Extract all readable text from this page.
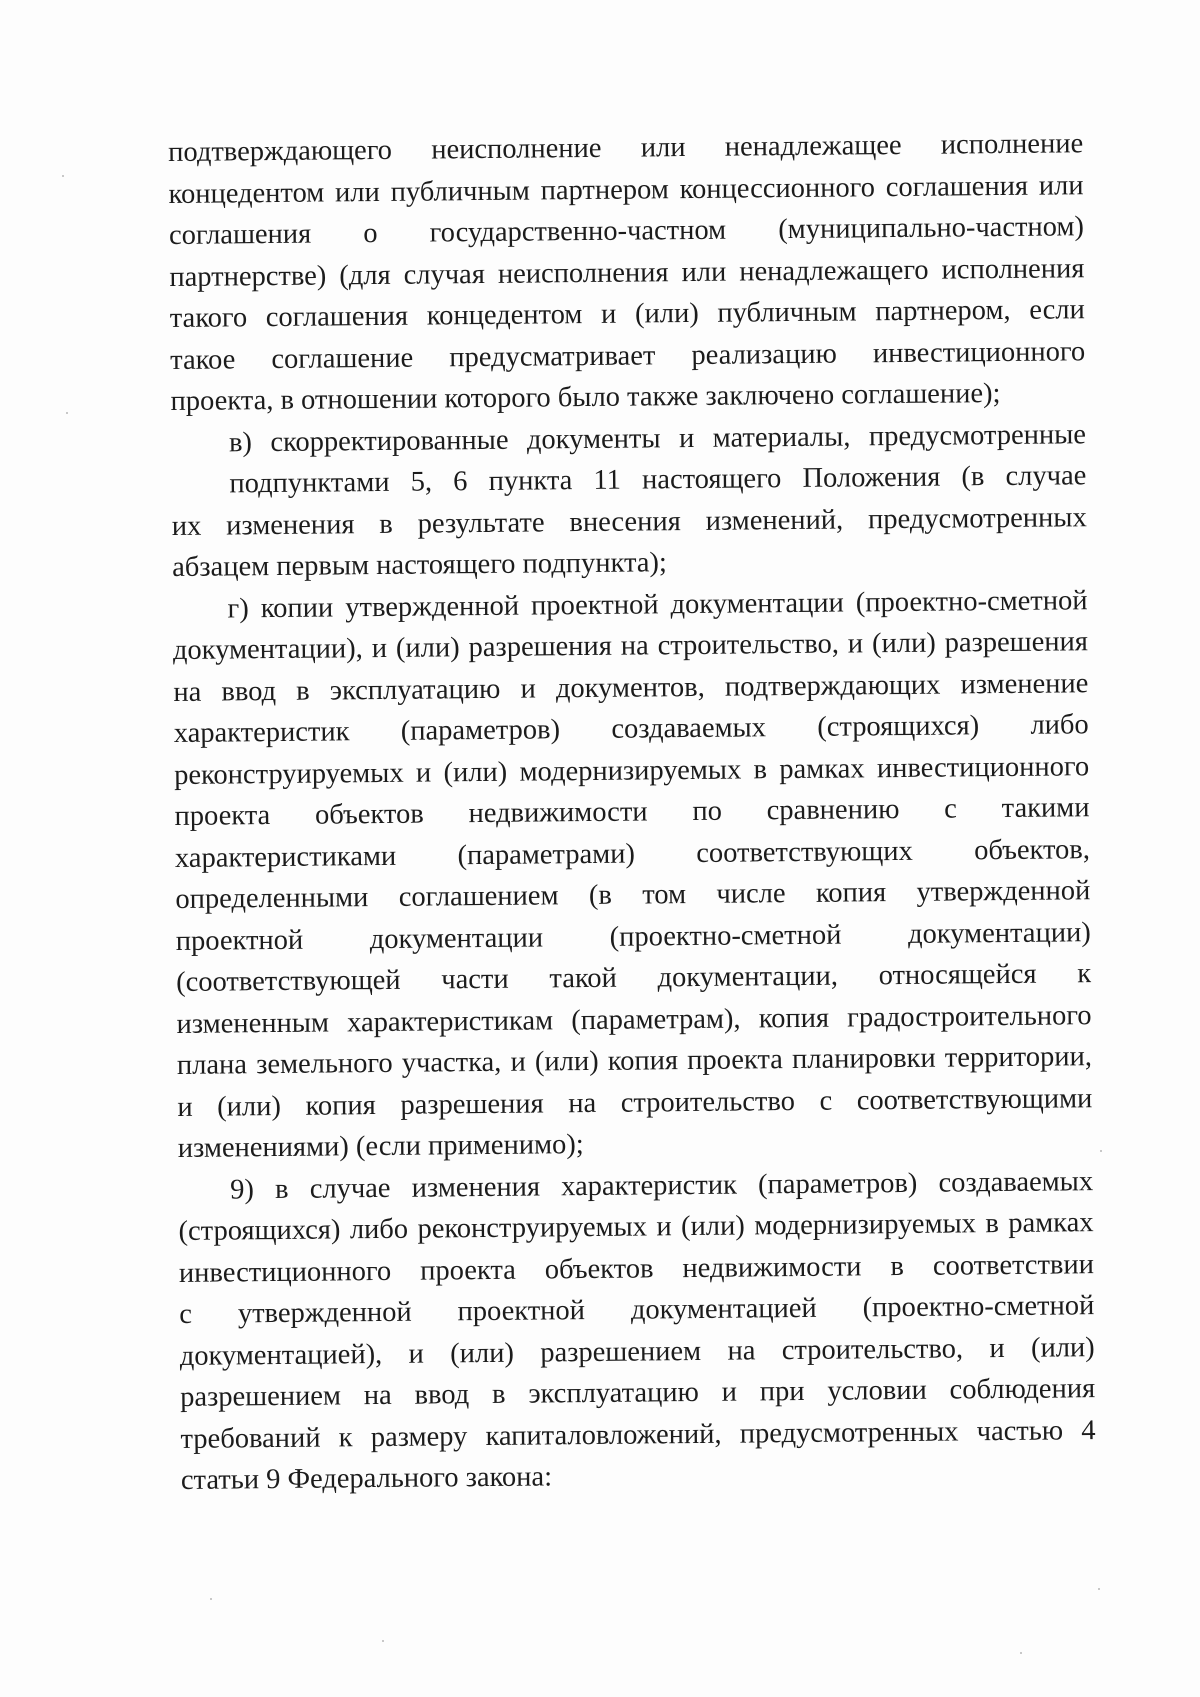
подтверждающего неисполнение или ненадлежащее исполнение
концедентом или публичным партнером концессионного соглашения или
соглашения о государственно-частном (муниципально-частном)
партнерстве) (для случая неисполнения или ненадлежащего исполнения
такого соглашения концедентом и (или) публичным партнером, если
такое соглашение предусматривает реализацию инвестиционного
проекта, в отношении которого было также заключено соглашение);
в) скорректированные документы и материалы, предусмотренные
подпунктами 5, 6 пункта 11 настоящего Положения (в случае
их изменения в результате внесения изменений, предусмотренных
абзацем первым настоящего подпункта);
г) копии утвержденной проектной документации (проектно-сметной
документации), и (или) разрешения на строительство, и (или) разрешения
на ввод в эксплуатацию и документов, подтверждающих изменение
характеристик (параметров) создаваемых (строящихся) либо
реконструируемых и (или) модернизируемых в рамках инвестиционного
проекта объектов недвижимости по сравнению с такими
характеристиками (параметрами) соответствующих объектов,
определенными соглашением (в том числе копия утвержденной
проектной документации (проектно-сметной документации)
(соответствующей части такой документации, относящейся к
измененным характеристикам (параметрам), копия градостроительного
плана земельного участка, и (или) копия проекта планировки территории,
и (или) копия разрешения на строительство с соответствующими
изменениями) (если применимо);
9) в случае изменения характеристик (параметров) создаваемых
(строящихся) либо реконструируемых и (или) модернизируемых в рамках
инвестиционного проекта объектов недвижимости в соответствии
с утвержденной проектной документацией (проектно-сметной
документацией), и (или) разрешением на строительство, и (или)
разрешением на ввод в эксплуатацию и при условии соблюдения
требований к размеру капиталовложений, предусмотренных частью 4
статьи 9 Федерального закона:
